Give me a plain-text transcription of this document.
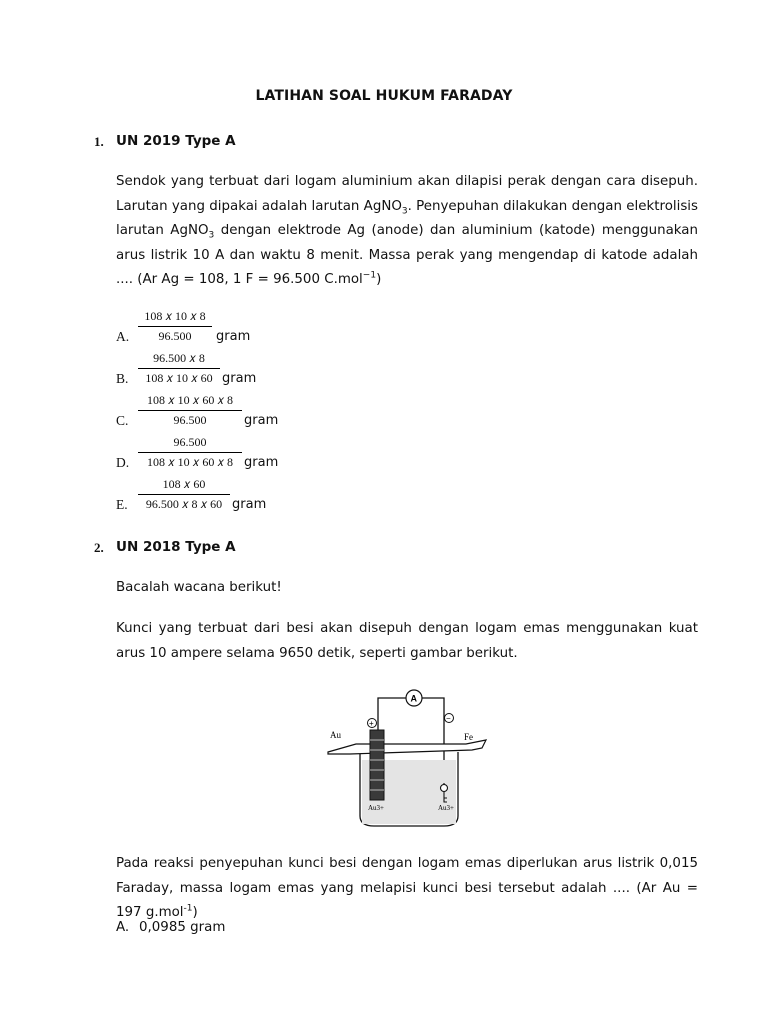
LATIHAN SOAL HUKUM FARADAY
1. UN 2019 Type A

Sendok yang terbuat dari logam aluminium akan dilapisi perak dengan cara disepuh. Larutan yang dipakai adalah larutan AgNO$_3$. Penyepuhan dilakukan dengan elektrolisis larutan AgNO$_3$ dengan elektrode Ag (anode) dan aluminium (katode) menggunakan arus listrik 10 A dan waktu 8 menit. Massa perak yang mengendap di katode adalah .... (Ar Ag = 108, 1 F = 96.500 C.mol$^{-1}$)

A.
108 𝑥 10 𝑥 8
96.500	gram
B.
96.500 𝑥 8
108 𝑥 10 𝑥 60 gram
C.
108 𝑥 10 𝑥 60 𝑥 8
96.500	gram
D.
96.500
108 𝑥 10 𝑥 60 𝑥 8 gram
E.
108 𝑥 60
96.500 𝑥 8 𝑥 60 gram
2. UN 2018 Type A

Bacalah wacana berikut!

Kunci yang terbuat dari besi akan disepuh dengan logam emas menggunakan kuat arus 10 ampere selama 9650 detik, seperti gambar berikut.

A
+
−
Au	Fe
Au3+	Au3+

Pada reaksi penyepuhan kunci besi dengan logam emas diperlukan arus listrik 0,015 Faraday, massa logam emas yang melapisi kunci besi tersebut adalah .... (Ar Au = 197 g.mol$^{-1}$)

A. 0,0985 gram
